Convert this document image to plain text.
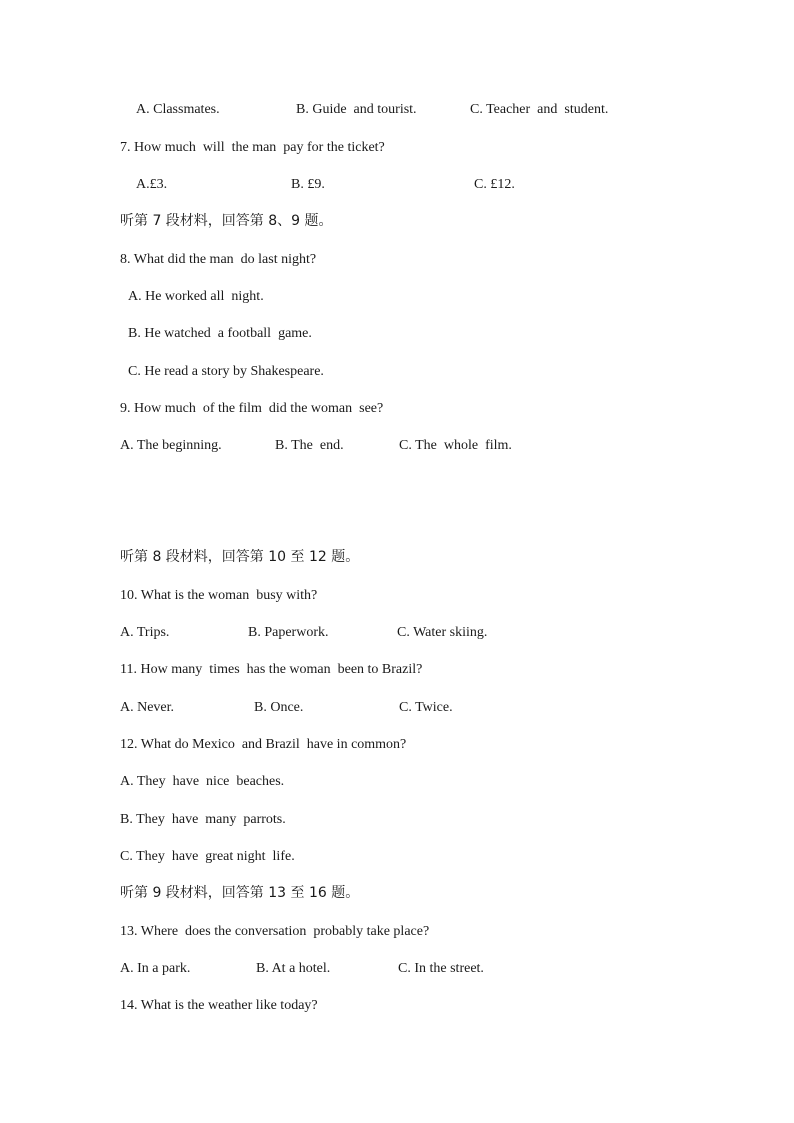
A. Classmates.	B. Guide  and tourist.	C. Teacher  and  student.
7. How much  will  the man  pay for the ticket?
A.£3.	B. £9.	C. £12.
听第 7 段材料，回答第 8、9 题。
8. What did the man  do last night?
A. He worked all  night.
B. He watched  a football  game.
C. He read a story by Shakespeare.
9. How much  of the film  did the woman  see?
A. The beginning.	B. The  end.	C. The  whole  film.
听第 8 段材料，回答第 10 至 12 题。
10. What is the woman  busy with?
A. Trips.	B. Paperwork.	C. Water skiing.
11. How many  times  has the woman  been to Brazil?
A. Never.	B. Once.	C. Twice.
12. What do Mexico  and Brazil  have in common?
A. They  have  nice  beaches.
B. They  have  many  parrots.
C. They  have  great night  life.
听第 9 段材料，回答第 13 至 16 题。
13. Where  does the conversation  probably take place?
A. In a park.	B. At a hotel.	C. In the street.
14. What is the weather like today?
